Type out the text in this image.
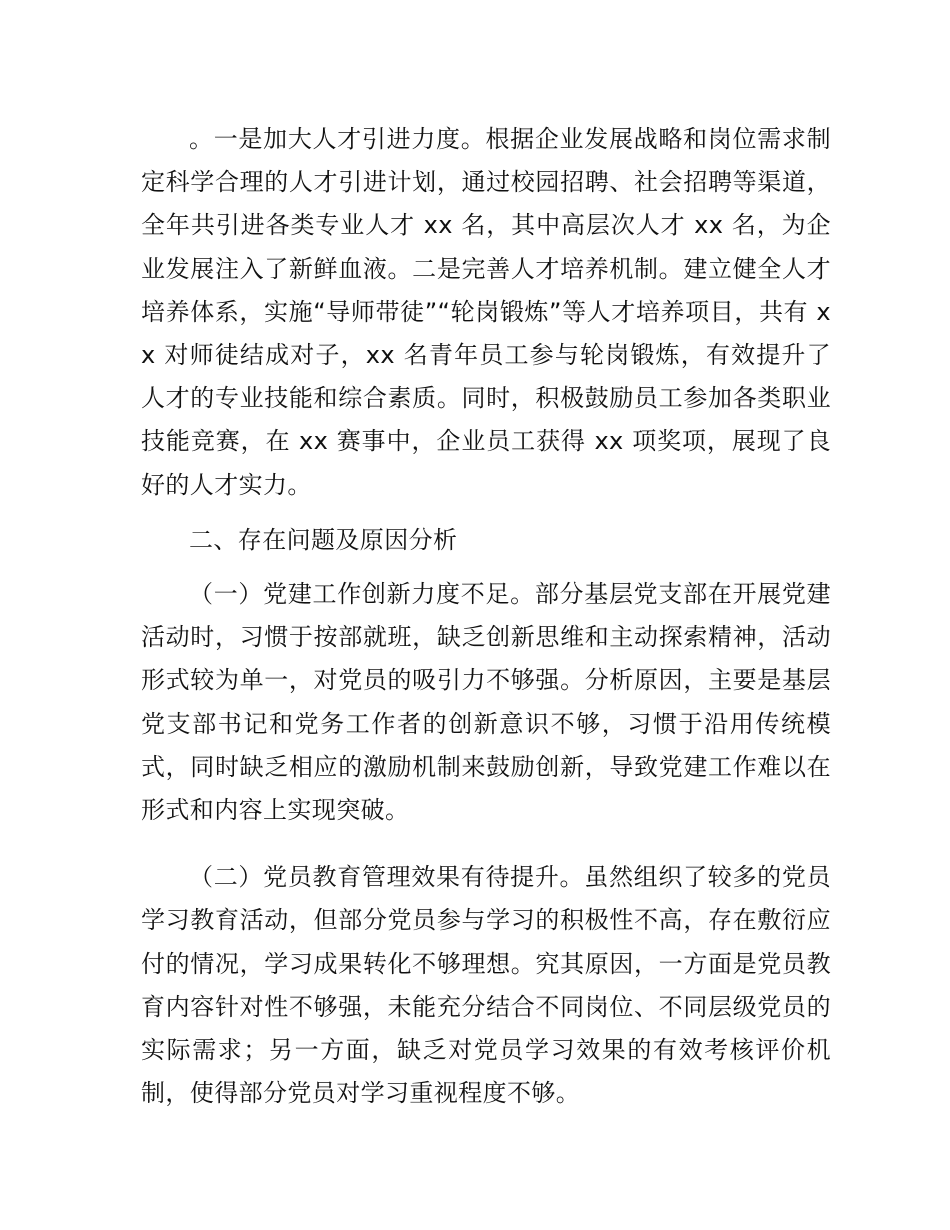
。一是加大人才引进力度。根据企业发展战略和岗位需求制定科学合理的人才引进计划，通过校园招聘、社会招聘等渠道，全年共引进各类专业人才 xx 名，其中高层次人才 xx 名，为企业发展注入了新鲜血液。二是完善人才培养机制。建立健全人才培养体系，实施“导师带徒”“轮岗锻炼”等人才培养项目，共有 xx 对师徒结成对子，xx 名青年员工参与轮岗锻炼，有效提升了人才的专业技能和综合素质。同时，积极鼓励员工参加各类职业技能竞赛，在 xx 赛事中，企业员工获得 xx 项奖项，展现了良好的人才实力。

二、存在问题及原因分析

（一）党建工作创新力度不足。部分基层党支部在开展党建活动时，习惯于按部就班，缺乏创新思维和主动探索精神，活动形式较为单一，对党员的吸引力不够强。分析原因，主要是基层党支部书记和党务工作者的创新意识不够，习惯于沿用传统模式，同时缺乏相应的激励机制来鼓励创新，导致党建工作难以在形式和内容上实现突破。

（二）党员教育管理效果有待提升。虽然组织了较多的党员学习教育活动，但部分党员参与学习的积极性不高，存在敷衍应付的情况，学习成果转化不够理想。究其原因，一方面是党员教育内容针对性不够强，未能充分结合不同岗位、不同层级党员的实际需求；另一方面，缺乏对党员学习效果的有效考核评价机制，使得部分党员对学习重视程度不够。
